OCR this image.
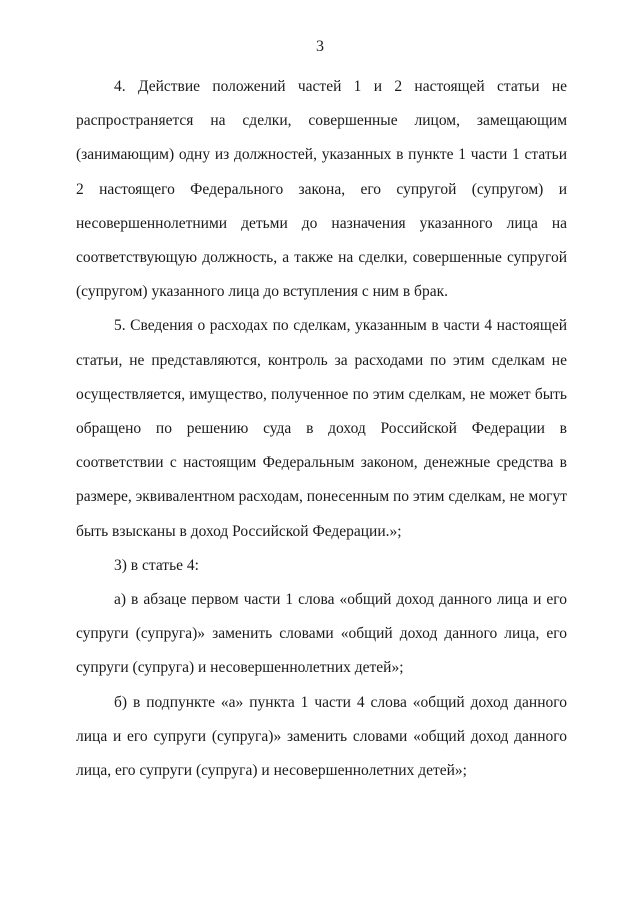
3

4. Действие положений частей 1 и 2 настоящей статьи не распространяется на сделки, совершенные лицом, замещающим (занимающим) одну из должностей, указанных в пункте 1 части 1 статьи 2 настоящего Федерального закона, его супругой (супругом) и несовершеннолетними детьми до назначения указанного лица на соответствующую должность, а также на сделки, совершенные супругой (супругом) указанного лица до вступления с ним в брак.

5. Сведения о расходах по сделкам, указанным в части 4 настоящей статьи, не представляются, контроль за расходами по этим сделкам не осуществляется, имущество, полученное по этим сделкам, не может быть обращено по решению суда в доход Российской Федерации в соответствии с настоящим Федеральным законом, денежные средства в размере, эквивалентном расходам, понесенным по этим сделкам, не могут быть взысканы в доход Российской Федерации.»;

3) в статье 4:

а) в абзаце первом части 1 слова «общий доход данного лица и его супруги (супруга)» заменить словами «общий доход данного лица, его супруги (супруга) и несовершеннолетних детей»;

б) в подпункте «а» пункта 1 части 4 слова «общий доход данного лица и его супруги (супруга)» заменить словами «общий доход данного лица, его супруги (супруга) и несовершеннолетних детей»;
